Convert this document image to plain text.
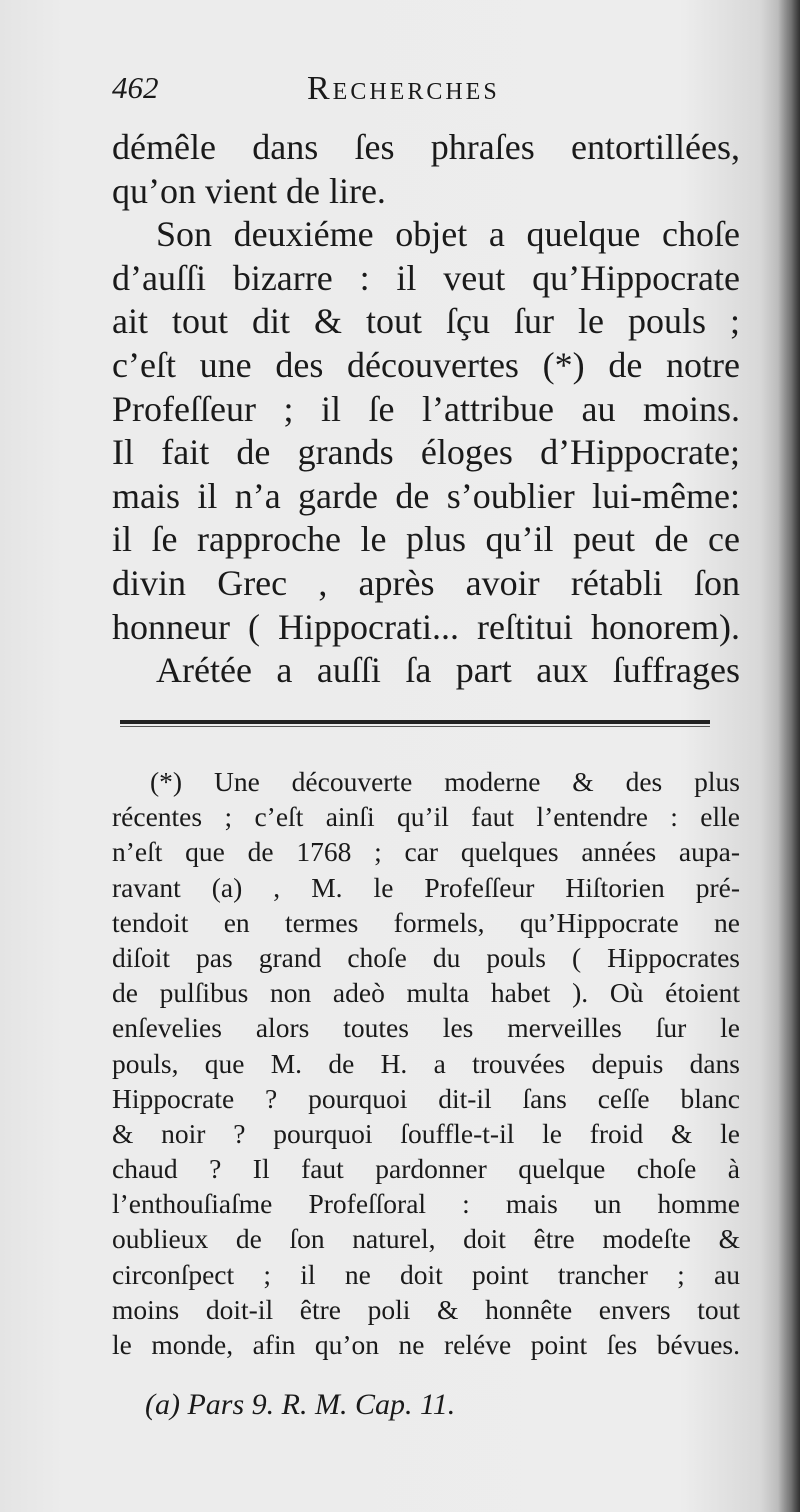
462	Recherches
démêle dans ſes phraſes entortillées,
qu’on vient de lire.
Son deuxiéme objet a quelque choſe
d’auſſi bizarre : il veut qu’Hippocrate
ait tout dit & tout ſçu ſur le pouls ;
c’eſt une des découvertes (*) de notre
Profeſſeur ; il ſe l’attribue au moins.
Il fait de grands éloges d’Hippocrate;
mais il n’a garde de s’oublier lui-même:
il ſe rapproche le plus qu’il peut de ce
divin Grec , après avoir rétabli ſon
honneur ( Hippocrati... reſtitui honorem).
Arétée a auſſi ſa part aux ſuffrages
(*) Une découverte moderne & des plus
récentes ; c’eſt ainſi qu’il faut l’entendre : elle
n’eſt que de 1768 ; car quelques années aupa-
ravant (a) , M. le Profeſſeur Hiſtorien pré-
tendoit en termes formels, qu’Hippocrate ne
diſoit pas grand choſe du pouls ( Hippocrates
de pulſibus non adeò multa habet ). Où étoient
enſevelies alors toutes les merveilles ſur le
pouls, que M. de H. a trouvées depuis dans
Hippocrate ? pourquoi dit-il ſans ceſſe blanc
& noir ? pourquoi ſouffle-t-il le froid & le
chaud ? Il faut pardonner quelque choſe à
l’enthouſiaſme Profeſſoral : mais un homme
oublieux de ſon naturel, doit être modeſte &
circonſpect ; il ne doit point trancher ; au
moins doit-il être poli & honnête envers tout
le monde, afin qu’on ne reléve point ſes bévues.
(a) Pars 9. R. M. Cap. 11.
